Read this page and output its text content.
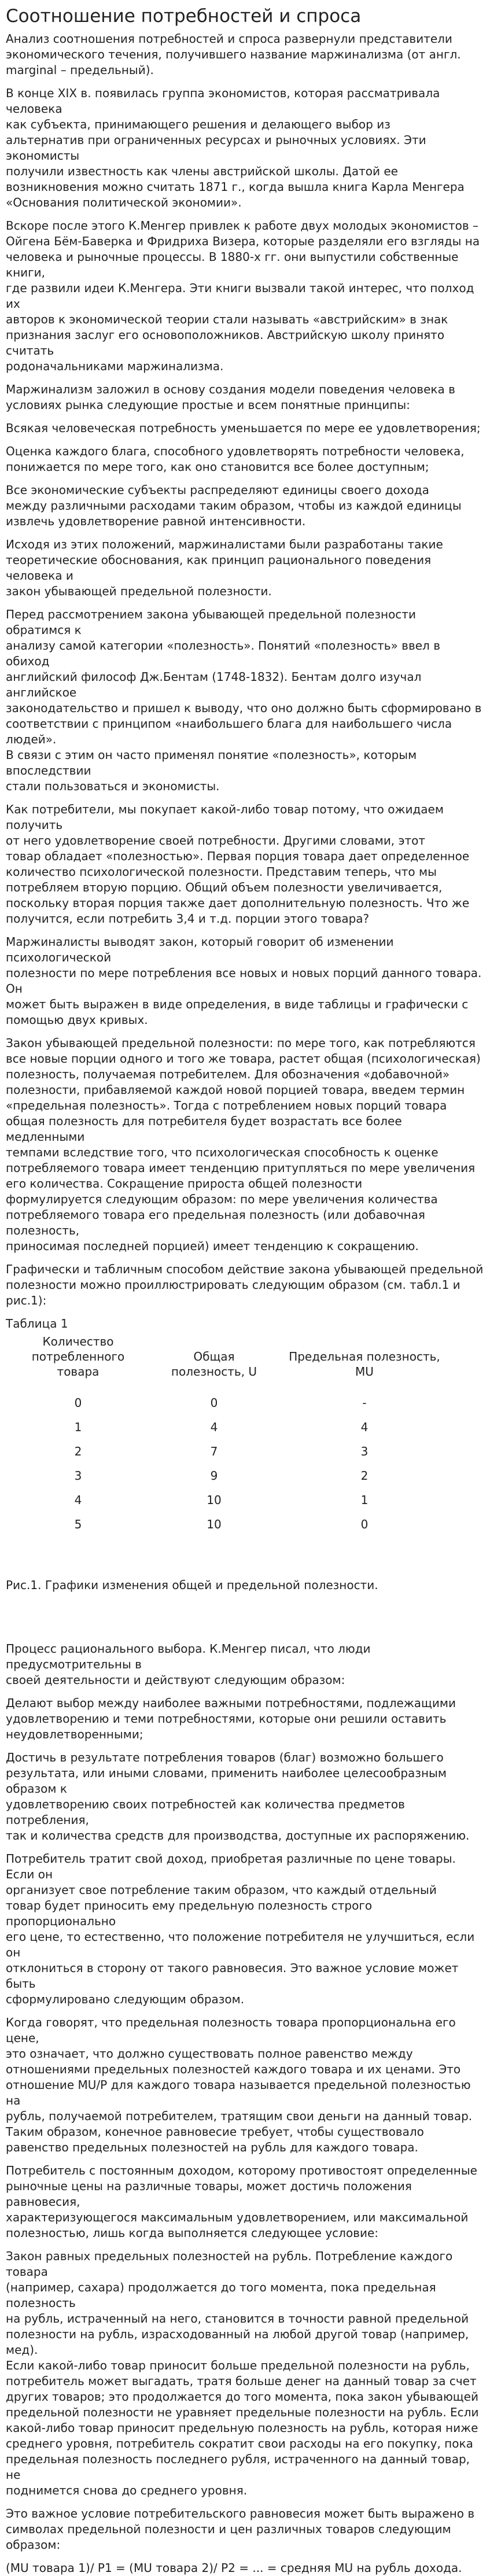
Соотношение потребностей и спроса
Анализ соотношения потребностей и спроса развернули представители
экономического течения, получившего название маржинализма (от англ.
marginal – предельный).
В конце XIX в. появилась группа экономистов, которая рассматривала человека
как субъекта, принимающего решения и делающего выбор из
альтернатив при ограниченных ресурсах и рыночных условиях. Эти экономисты
получили известность как члены австрийской школы. Датой ее
возникновения можно считать 1871 г., когда вышла книга Карла Менгера
«Основания политической экономии».
Вскоре после этого К.Менгер привлек к работе двух молодых экономистов –
Ойгена Бём-Баверка и Фридриха Визера, которые разделяли его взгляды на
человека и рыночные процессы. В 1880-х гг. они выпустили собственные книги,
где развили идеи К.Менгера. Эти книги вызвали такой интерес, что полход их
авторов к экономической теории стали называть «австрийским» в знак
признания заслуг его основоположников. Австрийскую школу принято считать
родоначальниками маржинализма.
Маржинализм заложил в основу создания модели поведения человека в
условиях рынка следующие простые и всем понятные принципы:
Всякая человеческая потребность уменьшается по мере ее удовлетворения;
Оценка каждого блага, способного удовлетворять потребности человека,
понижается по мере того, как оно становится все более доступным;
Все экономические субъекты распределяют единицы своего дохода
между различными расходами таким образом, чтобы из каждой единицы
извлечь удовлетворение равной интенсивности.
Исходя из этих положений, маржиналистами были разработаны такие
теоретические обоснования, как принцип рационального поведения человека и
закон убывающей предельной полезности.
Перед рассмотрением закона убывающей предельной полезности обратимся к
анализу самой категории «полезность». Понятий «полезность» ввел в обиход
английский философ Дж.Бентам (1748-1832). Бентам долго изучал английское
законодательство и пришел к выводу, что оно должно быть сформировано в
соответствии с принципом «наибольшего блага для наибольшего числа людей».
В связи с этим он часто применял понятие «полезность», которым впоследствии
стали пользоваться и экономисты.
Как потребители, мы покупает какой-либо товар потому, что ожидаем получить
от него удовлетворение своей потребности. Другими словами, этот
товар обладает «полезностью». Первая порция товара дает определенное
количество психологической полезности. Представим теперь, что мы
потребляем вторую порцию. Общий объем полезности увеличивается,
поскольку вторая порция также дает дополнительную полезность. Что же
получится, если потребить 3,4 и т.д. порции этого товара?
Маржиналисты выводят закон, который говорит об изменении психологической
полезности по мере потребления все новых и новых порций данного товара. Он
может быть выражен в виде определения, в виде таблицы и графически с
помощью двух кривых.
Закон убывающей предельной полезности: по мере того, как потребляются
все новые порции одного и того же товара, растет общая (психологическая)
полезность, получаемая потребителем. Для обозначения «добавочной»
полезности, прибавляемой каждой новой порцией товара, введем термин
«предельная полезность». Тогда с потреблением новых порций товара
общая полезность для потребителя будет возрастать все более медленными
темпами вследствие того, что психологическая способность к оценке
потребляемого товара имеет тенденцию притупляться по мере увеличения
его количества. Сокращение прироста общей полезности
формулируется следующим образом: по мере увеличения количества
потребляемого товара его предельная полезность (или добавочная полезность,
приносимая последней порцией) имеет тенденцию к сокращению.
Графически и табличным способом действие закона убывающей предельной
полезности можно проиллюстрировать следующим образом (см. табл.1 и рис.1):
Таблица 1
Количество потребленного
товара	Общая
полезность, U	Предельная полезность,
MU
0	0	-
1	4	4
2	7	3
3	9	2
4	10	1
5	10	0
Рис.1. Графики изменения общей и предельной полезности.
Процесс рационального выбора. К.Менгер писал, что люди предусмотрительны в
своей деятельности и действуют следующим образом:
Делают выбор между наиболее важными потребностями, подлежащими
удовлетворению и теми потребностями, которые они решили оставить
неудовлетворенными;
Достичь в результате потребления товаров (благ) возможно большего
результата, или иными словами, применить наиболее целесообразным образом к
удовлетворению своих потребностей как количества предметов потребления,
так и количества средств для производства, доступные их распоряжению.
Потребитель тратит свой доход, приобретая различные по цене товары. Если он
организует свое потребление таким образом, что каждый отдельный
товар будет приносить ему предельную полезность строго пропорционально
его цене, то естественно, что положение потребителя не улучшиться, если он
отклониться в сторону от такого равновесия. Это важное условие может быть
сформулировано следующим образом.
Когда говорят, что предельная полезность товара пропорциональна его цене,
это означает, что должно существовать полное равенство между
отношениями предельных полезностей каждого товара и их ценами. Это
отношение MU/P для каждого товара называется предельной полезностью на
рубль, получаемой потребителем, тратящим свои деньги на данный товар.
Таким образом, конечное равновесие требует, чтобы существовало
равенство предельных полезностей на рубль для каждого товара.
Потребитель с постоянным доходом, которому противостоят определенные
рыночные цены на различные товары, может достичь положения равновесия,
характеризующегося максимальным удовлетворением, или максимальной
полезностью, лишь когда выполняется следующее условие:
Закон равных предельных полезностей на рубль. Потребление каждого товара
(например, сахара) продолжается до того момента, пока предельная полезность
на рубль, истраченный на него, становится в точности равной предельной
полезности на рубль, израсходованный на любой другой товар (например, мед).
Если какой-либо товар приносит больше предельной полезности на рубль,
потребитель может выгадать, тратя больше денег на данный товар за счет
других товаров; это продолжается до того момента, пока закон убывающей
предельной полезности не уравняет предельные полезности на рубль. Если
какой-либо товар приносит предельную полезность на рубль, которая ниже
среднего уровня, потребитель сократит свои расходы на его покупку, пока
предельная полезность последнего рубля, истраченного на данный товар, не
поднимется снова до среднего уровня.
Это важное условие потребительского равновесия может быть выражено в
символах предельной полезности и цен различных товаров следующим
образом:
(MU товара 1)/ P1 = (MU товара 2)/ P2 = ... = средняя MU на рубль дохода.
